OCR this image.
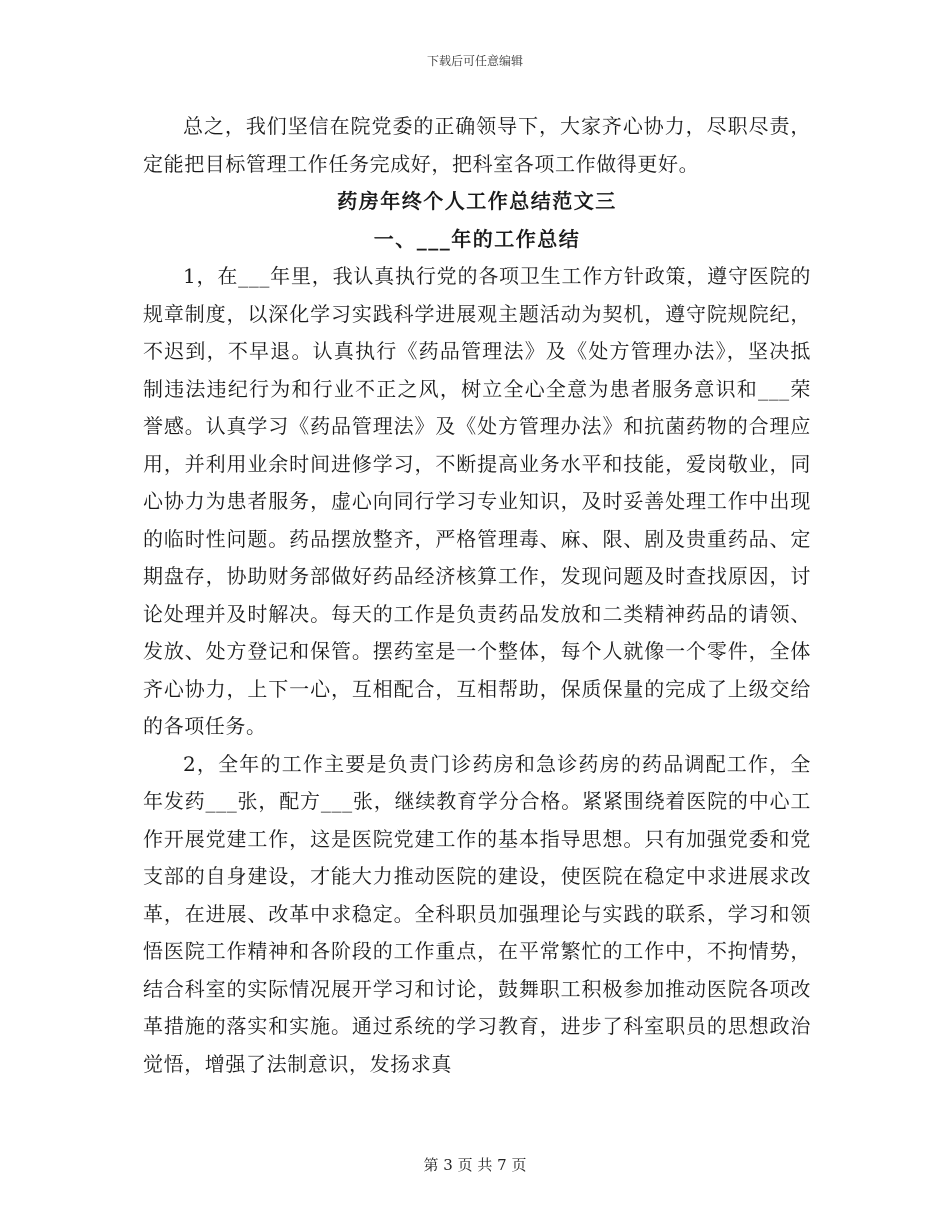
下载后可任意编辑

总之，我们坚信在院党委的正确领导下，大家齐心协力，尽职尽责，定能把目标管理工作任务完成好，把科室各项工作做得更好。

药房年终个人工作总结范文三
一、___年的工作总结

1，在___年里，我认真执行党的各项卫生工作方针政策，遵守医院的规章制度，以深化学习实践科学进展观主题活动为契机，遵守院规院纪，不迟到，不早退。认真执行《药品管理法》及《处方管理办法》，坚决抵制违法违纪行为和行业不正之风，树立全心全意为患者服务意识和___荣誉感。认真学习《药品管理法》及《处方管理办法》和抗菌药物的合理应用，并利用业余时间进修学习，不断提高业务水平和技能，爱岗敬业，同心协力为患者服务，虚心向同行学习专业知识，及时妥善处理工作中出现的临时性问题。药品摆放整齐，严格管理毒、麻、限、剧及贵重药品、定期盘存，协助财务部做好药品经济核算工作，发现问题及时查找原因，讨论处理并及时解决。每天的工作是负责药品发放和二类精神药品的请领、发放、处方登记和保管。摆药室是一个整体，每个人就像一个零件，全体齐心协力，上下一心，互相配合，互相帮助，保质保量的完成了上级交给的各项任务。

2，全年的工作主要是负责门诊药房和急诊药房的药品调配工作，全年发药___张，配方___张，继续教育学分合格。紧紧围绕着医院的中心工作开展党建工作，这是医院党建工作的基本指导思想。只有加强党委和党支部的自身建设，才能大力推动医院的建设，使医院在稳定中求进展求改革，在进展、改革中求稳定。全科职员加强理论与实践的联系，学习和领悟医院工作精神和各阶段的工作重点，在平常繁忙的工作中，不拘情势，结合科室的实际情况展开学习和讨论，鼓舞职工积极参加推动医院各项改革措施的落实和实施。通过系统的学习教育，进步了科室职员的思想政治觉悟，增强了法制意识，发扬求真

第 3 页 共 7 页
